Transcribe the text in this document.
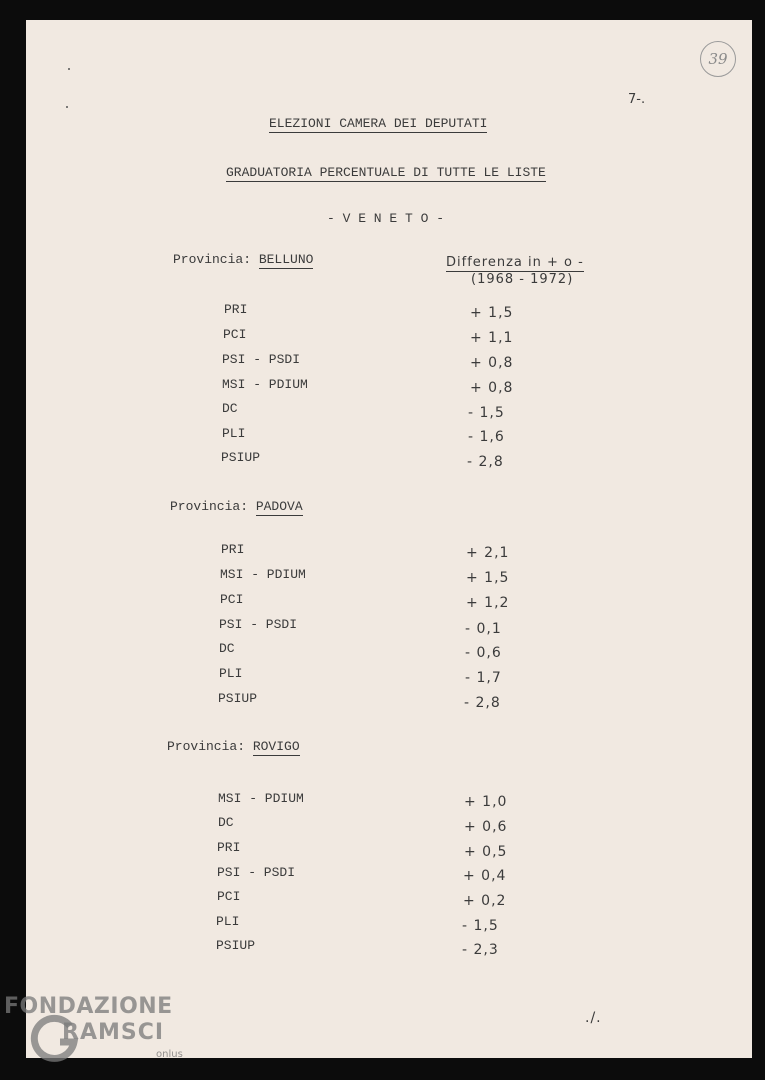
39
7-.
ELEZIONI CAMERA DEI DEPUTATI
GRADUATORIA PERCENTUALE DI TUTTE LE LISTE
- V E N E T O -
Differenza in + o -
(1968 - 1972)
Provincia: BELLUNO
PRI	+ 1,5
PCI	+ 1,1
PSI - PSDI	+ 0,8
MSI - PDIUM	+ 0,8
DC	- 1,5
PLI	- 1,6
PSIUP	- 2,8
Provincia: PADOVA
PRI	+ 2,1
MSI - PDIUM	+ 1,5
PCI	+ 1,2
PSI - PSDI	- 0,1
DC	- 0,6
PLI	- 1,7
PSIUP	- 2,8
Provincia: ROVIGO
MSI - PDIUM	+ 1,0
DC	+ 0,6
PRI	+ 0,5
PSI - PSDI	+ 0,4
PCI	+ 0,2
PLI	- 1,5
PSIUP	- 2,3
./.
FONDAZIONE
RAMSCI
onlus
